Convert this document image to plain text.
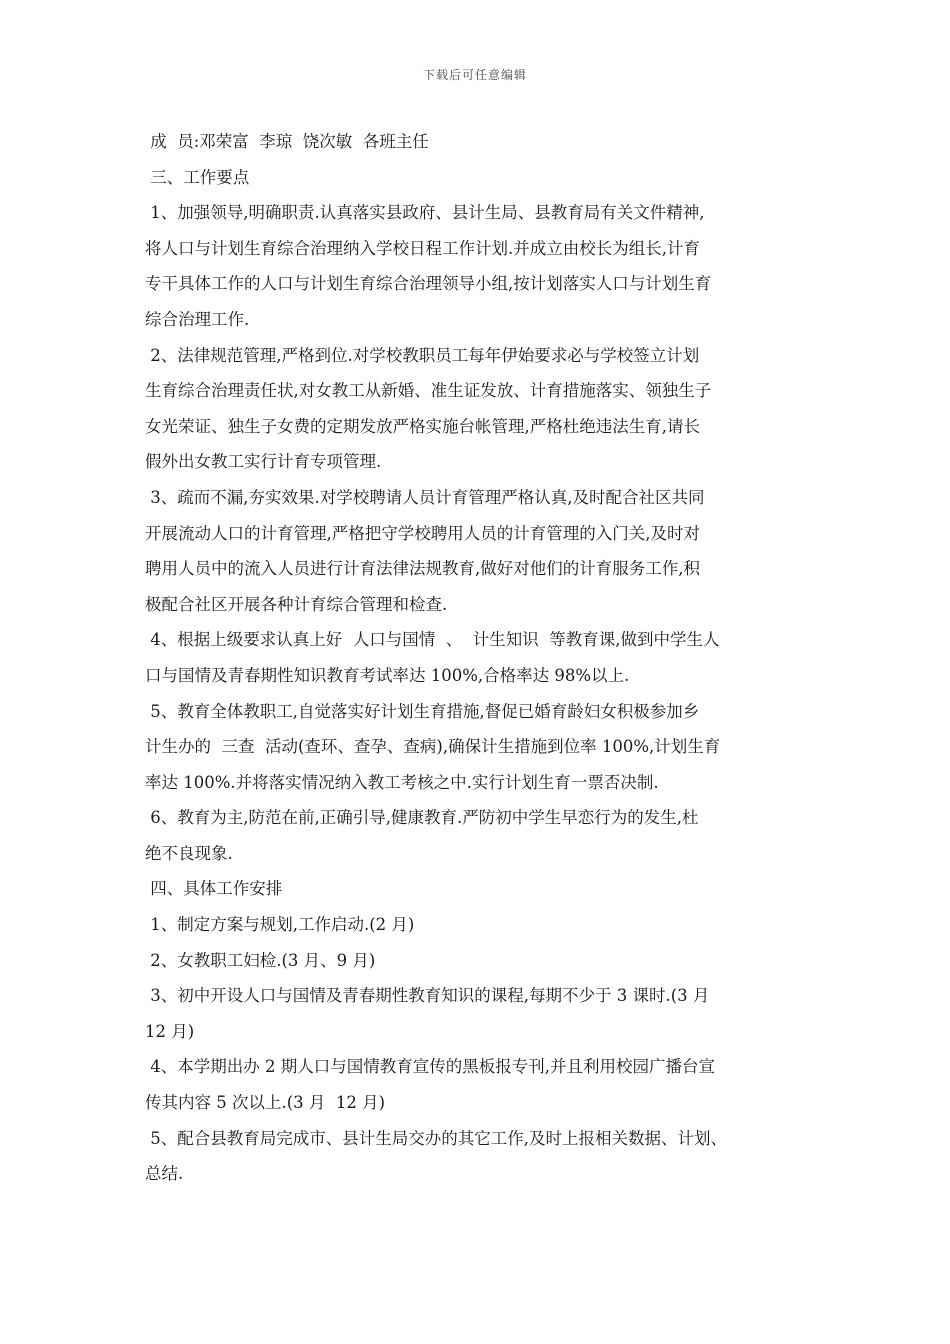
下载后可任意编辑
成  员:邓荣富  李琼  饶次敏  各班主任
三、工作要点
1、加强领导,明确职责.认真落实县政府、县计生局、县教育局有关文件精神,
将人口与计划生育综合治理纳入学校日程工作计划.并成立由校长为组长,计育
专干具体工作的人口与计划生育综合治理领导小组,按计划落实人口与计划生育
综合治理工作.
2、法律规范管理,严格到位.对学校教职员工每年伊始要求必与学校签立计划
生育综合治理责任状,对女教工从新婚、准生证发放、计育措施落实、领独生子
女光荣证、独生子女费的定期发放严格实施台帐管理,严格杜绝违法生育,请长
假外出女教工实行计育专项管理.
3、疏而不漏,夯实效果.对学校聘请人员计育管理严格认真,及时配合社区共同
开展流动人口的计育管理,严格把守学校聘用人员的计育管理的入门关,及时对
聘用人员中的流入人员进行计育法律法规教育,做好对他们的计育服务工作,积
极配合社区开展各种计育综合管理和检查.
4、根据上级要求认真上好  人口与国情  、  计生知识  等教育课,做到中学生人
口与国情及青春期性知识教育考试率达 100%,合格率达 98%以上.
5、教育全体教职工,自觉落实好计划生育措施,督促已婚育龄妇女积极参加乡
计生办的  三查  活动(查环、查孕、查病),确保计生措施到位率 100%,计划生育
率达 100%.并将落实情况纳入教工考核之中.实行计划生育一票否决制.
6、教育为主,防范在前,正确引导,健康教育.严防初中学生早恋行为的发生,杜
绝不良现象.
四、具体工作安排
1、制定方案与规划,工作启动.(2 月)
2、女教职工妇检.(3 月、9 月)
3、初中开设人口与国情及青春期性教育知识的课程,每期不少于 3 课时.(3 月
12 月)
4、本学期出办 2 期人口与国情教育宣传的黑板报专刊,并且利用校园广播台宣
传其内容 5 次以上.(3 月  12 月)
5、配合县教育局完成市、县计生局交办的其它工作,及时上报相关数据、计划、
总结.
